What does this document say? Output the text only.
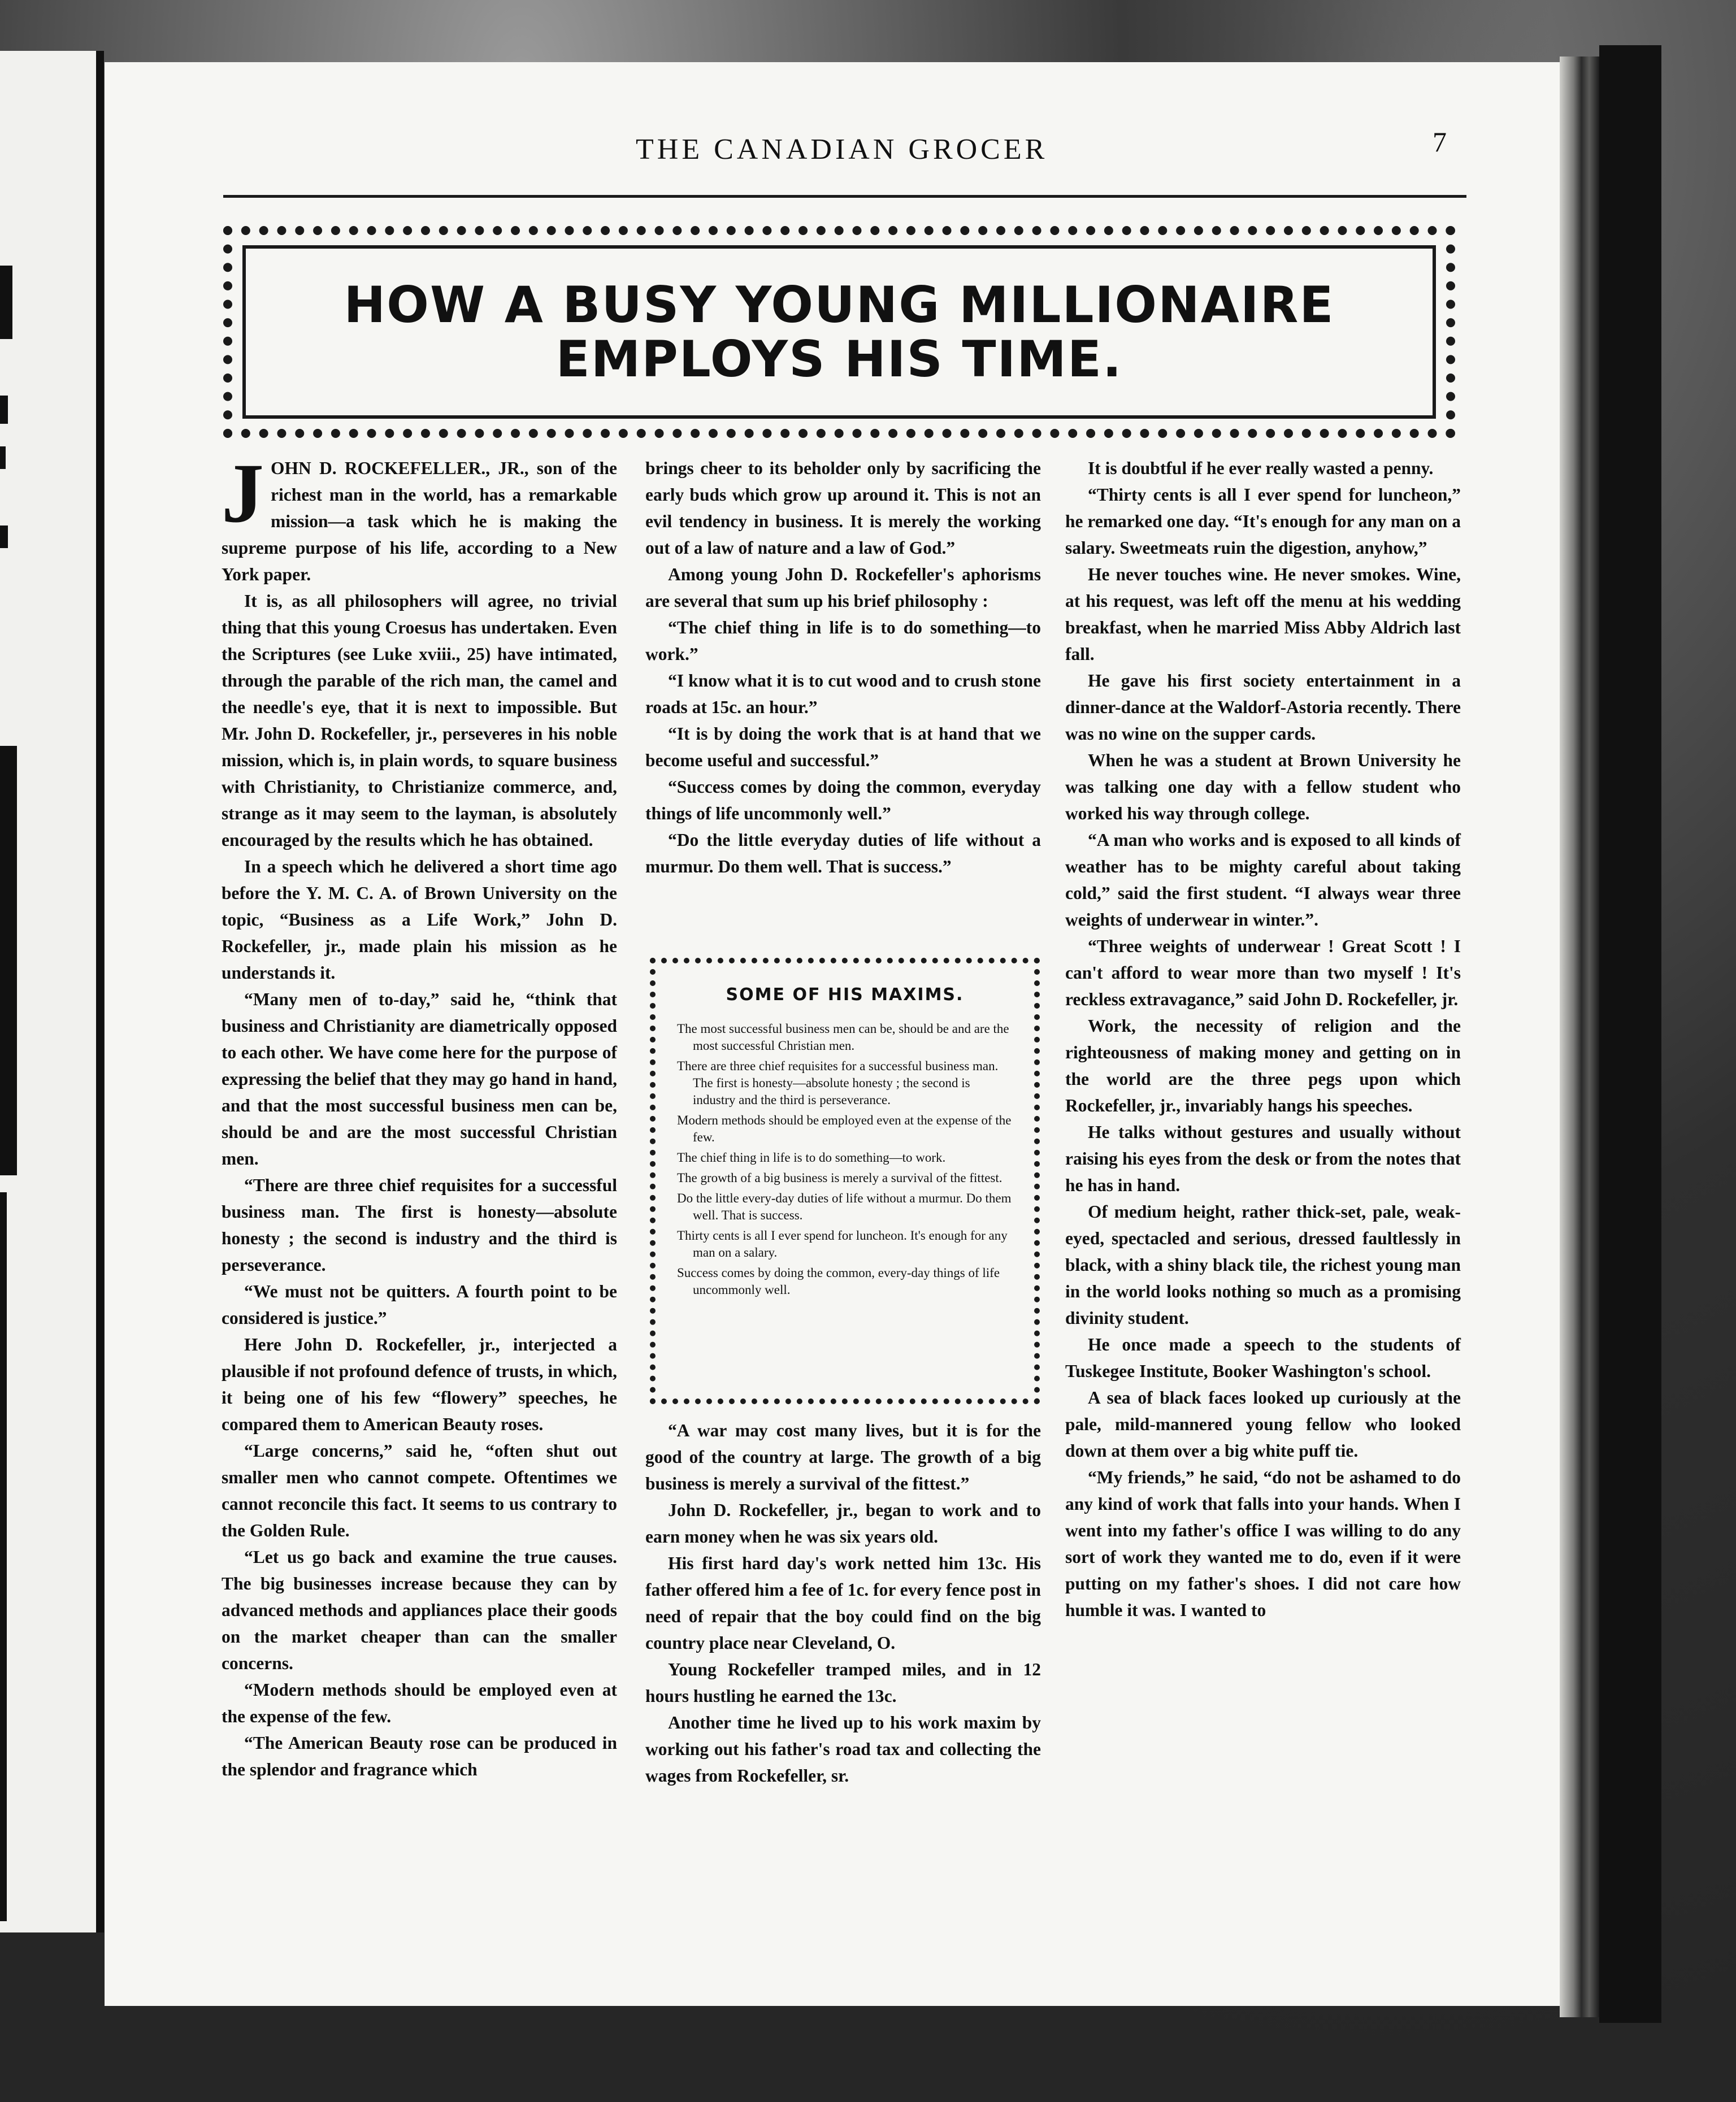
THE CANADIAN GROCER	7
HOW A BUSY YOUNG MILLIONAIRE
EMPLOYS HIS TIME.

JOHN D. ROCKEFELLER., JR., son of the richest man in the world, has a remarkable mission—a task which he is making the supreme purpose of his life, according to a New York paper.

It is, as all philosophers will agree, no trivial thing that this young Croesus has undertaken. Even the Scriptures (see Luke xviii., 25) have intimated, through the parable of the rich man, the camel and the needle's eye, that it is next to impossible. But Mr. John D. Rockefeller, jr., perseveres in his noble mission, which is, in plain words, to square business with Christianity, to Christianize commerce, and, strange as it may seem to the layman, is absolutely encouraged by the results which he has obtained.

In a speech which he delivered a short time ago before the Y. M. C. A. of Brown University on the topic, “Business as a Life Work,” John D. Rockefeller, jr., made plain his mission as he understands it.

“Many men of to-day,” said he, “think that business and Christianity are diametrically opposed to each other. We have come here for the purpose of expressing the belief that they may go hand in hand, and that the most successful business men can be, should be and are the most successful Christian men.

“There are three chief requisites for a successful business man. The first is honesty—absolute honesty ; the second is industry and the third is perseverance.

“We must not be quitters. A fourth point to be considered is justice.”

Here John D. Rockefeller, jr., interjected a plausible if not profound defence of trusts, in which, it being one of his few “flowery” speeches, he compared them to American Beauty roses.

“Large concerns,” said he, “often shut out smaller men who cannot compete. Oftentimes we cannot reconcile this fact. It seems to us contrary to the Golden Rule.

“Let us go back and examine the true causes. The big businesses increase because they can by advanced methods and appliances place their goods on the market cheaper than can the smaller concerns.

“Modern methods should be employed even at the expense of the few.

“The American Beauty rose can be produced in the splendor and fragrance which

brings cheer to its beholder only by sacrificing the early buds which grow up around it. This is not an evil tendency in business. It is merely the working out of a law of nature and a law of God.”

Among young John D. Rockefeller's aphorisms are several that sum up his brief philosophy :

“The chief thing in life is to do something—to work.”

“I know what it is to cut wood and to crush stone roads at 15c. an hour.”

“It is by doing the work that is at hand that we become useful and successful.”

“Success comes by doing the common, everyday things of life uncommonly well.”

“Do the little everyday duties of life without a murmur. Do them well. That is success.”

SOME OF HIS MAXIMS.
The most successful business men can be, should be and are the most successful Christian men.
There are three chief requisites for a successful business man. The first is honesty—absolute honesty ; the second is industry and the third is perseverance.
Modern methods should be employed even at the expense of the few.
The chief thing in life is to do something—to work.
The growth of a big business is merely a survival of the fittest.
Do the little every-day duties of life without a murmur. Do them well. That is success.
Thirty cents is all I ever spend for luncheon. It's enough for any man on a salary.
Success comes by doing the common, every-day things of life uncommonly well.

“A war may cost many lives, but it is for the good of the country at large. The growth of a big business is merely a survival of the fittest.”

John D. Rockefeller, jr., began to work and to earn money when he was six years old.

His first hard day's work netted him 13c. His father offered him a fee of 1c. for every fence post in need of repair that the boy could find on the big country place near Cleveland, O.

Young Rockefeller tramped miles, and in 12 hours hustling he earned the 13c.

Another time he lived up to his work maxim by working out his father's road tax and collecting the wages from Rockefeller, sr.

It is doubtful if he ever really wasted a penny.

“Thirty cents is all I ever spend for luncheon,” he remarked one day. “It's enough for any man on a salary. Sweetmeats ruin the digestion, anyhow,”

He never touches wine. He never smokes. Wine, at his request, was left off the menu at his wedding breakfast, when he married Miss Abby Aldrich last fall.

He gave his first society entertainment in a dinner-dance at the Waldorf-Astoria recently. There was no wine on the supper cards.

When he was a student at Brown University he was talking one day with a fellow student who worked his way through college.

“A man who works and is exposed to all kinds of weather has to be mighty careful about taking cold,” said the first student. “I always wear three weights of underwear in winter.”.

“Three weights of underwear ! Great Scott ! I can't afford to wear more than two myself ! It's reckless extravagance,” said John D. Rockefeller, jr.

Work, the necessity of religion and the righteousness of making money and getting on in the world are the three pegs upon which Rockefeller, jr., invariably hangs his speeches.

He talks without gestures and usually without raising his eyes from the desk or from the notes that he has in hand.

Of medium height, rather thick-set, pale, weak-eyed, spectacled and serious, dressed faultlessly in black, with a shiny black tile, the richest young man in the world looks nothing so much as a promising divinity student.

He once made a speech to the students of Tuskegee Institute, Booker Washington's school.

A sea of black faces looked up curiously at the pale, mild-mannered young fellow who looked down at them over a big white puff tie.

“My friends,” he said, “do not be ashamed to do any kind of work that falls into your hands. When I went into my father's office I was willing to do any sort of work they wanted me to do, even if it were putting on my father's shoes. I did not care how humble it was. I wanted to
